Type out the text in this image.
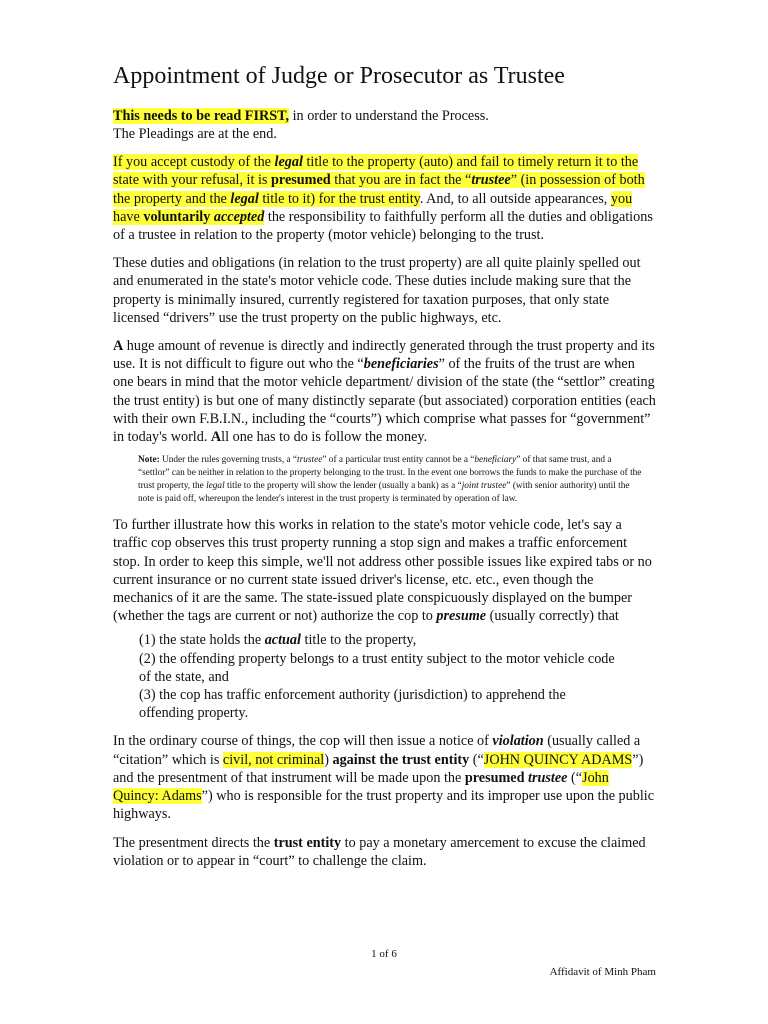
Appointment of Judge or Prosecutor as Trustee

This needs to be read FIRST, in order to understand the Process.
The Pleadings are at the end.

If you accept custody of the legal title to the property (auto) and fail to timely return it to the state with your refusal, it is presumed that you are in fact the “trustee” (in possession of both the property and the legal title to it) for the trust entity. And, to all outside appearances, you have voluntarily accepted the responsibility to faithfully perform all the duties and obligations of a trustee in relation to the property (motor vehicle) belonging to the trust.

These duties and obligations (in relation to the trust property) are all quite plainly spelled out and enumerated in the state's motor vehicle code. These duties include making sure that the property is minimally insured, currently registered for taxation purposes, that only state licensed “drivers” use the trust property on the public highways, etc.

A huge amount of revenue is directly and indirectly generated through the trust property and its use. It is not difficult to figure out who the “beneficiaries” of the fruits of the trust are when one bears in mind that the motor vehicle department/ division of the state (the “settlor” creating the trust entity) is but one of many distinctly separate (but associated) corporation entities (each with their own F.B.I.N., including the “courts”) which comprise what passes for “government” in today's world. All one has to do is follow the money.

Note: Under the rules governing trusts, a “trustee” of a particular trust entity cannot be a “beneficiary” of that same trust, and a “settlor” can be neither in relation to the property belonging to the trust. In the event one borrows the funds to make the purchase of the trust property, the legal title to the property will show the lender (usually a bank) as a “joint trustee” (with senior authority) until the note is paid off, whereupon the lender's interest in the trust property is terminated by operation of law.

To further illustrate how this works in relation to the state's motor vehicle code, let's say a traffic cop observes this trust property running a stop sign and makes a traffic enforcement stop. In order to keep this simple, we'll not address other possible issues like expired tabs or no current insurance or no current state issued driver's license, etc. etc., even though the mechanics of it are the same. The state-issued plate conspicuously displayed on the bumper (whether the tags are current or not) authorize the cop to presume (usually correctly) that

(1) the state holds the actual title to the property,
(2) the offending property belongs to a trust entity subject to the motor vehicle code
of the state, and
(3) the cop has traffic enforcement authority (jurisdiction) to apprehend the
offending property.

In the ordinary course of things, the cop will then issue a notice of violation (usually called a “citation” which is civil, not criminal) against the trust entity (“JOHN QUINCY ADAMS”) and the presentment of that instrument will be made upon the presumed trustee (“John Quincy: Adams”) who is responsible for the trust property and its improper use upon the public highways.

The presentment directs the trust entity to pay a monetary amercement to excuse the claimed violation or to appear in “court” to challenge the claim.

1 of 6
Affidavit of Minh Pham
